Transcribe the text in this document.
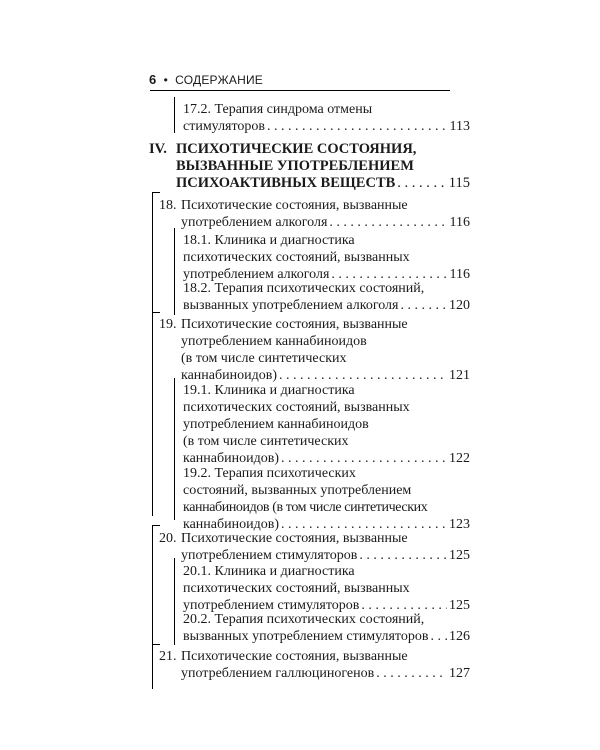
6 • СОДЕРЖАНИЕ
17.2. Терапия синдрома отмены
стимуляторов . . .	113
IV. ПСИХОТИЧЕСКИЕ СОСТОЯНИЯ,
ВЫЗВАННЫЕ УПОТРЕБЛЕНИЕМ
ПСИХОАКТИВНЫХ ВЕЩЕСТВ . . .	115
18. Психотические состояния, вызванные
употреблением алкоголя . . .	116
18.1. Клиника и диагностика
психотических состояний, вызванных
употреблением алкоголя . . .	116
18.2. Терапия психотических состояний,
вызванных употреблением алкоголя . . .	120
19. Психотические состояния, вызванные
употреблением каннабиноидов
(в том числе синтетических
каннабиноидов) . . .	121
19.1. Клиника и диагностика
психотических состояний, вызванных
употреблением каннабиноидов
(в том числе синтетических
каннабиноидов) . . .	122
19.2. Терапия психотических
состояний, вызванных употреблением
каннабиноидов (в том числе синтетических
каннабиноидов) . . .	123
20. Психотические состояния, вызванные
употреблением стимуляторов . . .	125
20.1. Клиника и диагностика
психотических состояний, вызванных
употреблением стимуляторов . . .	125
20.2. Терапия психотических состояний,
вызванных употреблением стимуляторов . . . 126
21. Психотические состояния, вызванные
употреблением галлюциногенов . . .	127
